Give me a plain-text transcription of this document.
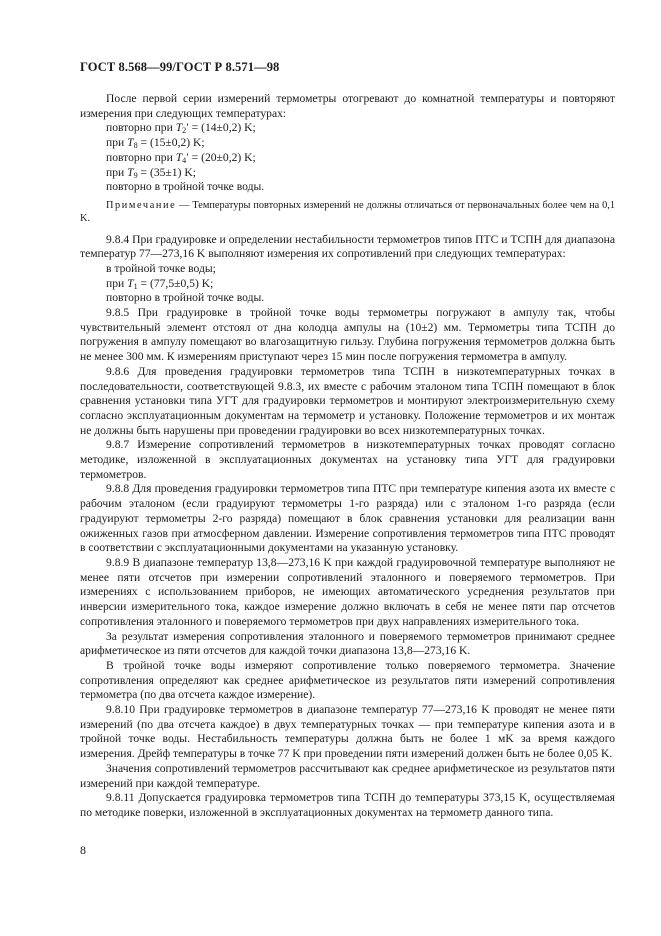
ГОСТ 8.568—99/ГОСТ Р 8.571—98

После первой серии измерений термометры отогревают до комнатной температуры и повторяют измерения при следующих температурах:

повторно при $T_2' = (14\pm 0,2)$ K;

при $T_8 = (15\pm 0,2)$ K;

повторно при $T_4' = (20\pm 0,2)$ K;

при $T_9 = (35\pm 1)$ K;

повторно в тройной точке воды.

Примечание — Температуры повторных измерений не должны отличаться от первоначальных более чем на 0,1 K.

9.8.4 При градуировке и определении нестабильности термометров типов ПТС и ТСПН для диапазона температур 77—273,16 K выполняют измерения их сопротивлений при следующих температурах:

в тройной точке воды;

при $T_1 = (77,5\pm 0,5)$ K;

повторно в тройной точке воды.

9.8.5 При градуировке в тройной точке воды термометры погружают в ампулу так, чтобы чувствительный элемент отстоял от дна колодца ампулы на (10±2) мм. Термометры типа ТСПН до погружения в ампулу помещают во влагозащитную гильзу. Глубина погружения термометров должна быть не менее 300 мм. К измерениям приступают через 15 мин после погружения термометра в ампулу.

9.8.6 Для проведения градуировки термометров типа ТСПН в низкотемпературных точках в последовательности, соответствующей 9.8.3, их вместе с рабочим эталоном типа ТСПН помещают в блок сравнения установки типа УГТ для градуировки термометров и монтируют электроизмерительную схему согласно эксплуатационным документам на термометр и установку. Положение термометров и их монтаж не должны быть нарушены при проведении градуировки во всех низкотемпературных точках.

9.8.7 Измерение сопротивлений термометров в низкотемпературных точках проводят согласно методике, изложенной в эксплуатационных документах на установку типа УГТ для градуировки термометров.

9.8.8 Для проведения градуировки термометров типа ПТС при температуре кипения азота их вместе с рабочим эталоном (если градуируют термометры 1-го разряда) или с эталоном 1-го разряда (если градуируют термометры 2-го разряда) помещают в блок сравнения установки для реализации ванн ожиженных газов при атмосферном давлении. Измерение сопротивления термометров типа ПТС проводят в соответствии с эксплуатационными документами на указанную установку.

9.8.9 В диапазоне температур 13,8—273,16 K при каждой градуировочной температуре выполняют не менее пяти отсчетов при измерении сопротивлений эталонного и поверяемого термометров. При измерениях с использованием приборов, не имеющих автоматического усреднения результатов при инверсии измерительного тока, каждое измерение должно включать в себя не менее пяти пар отсчетов сопротивления эталонного и поверяемого термометров при двух направлениях измерительного тока.

За результат измерения сопротивления эталонного и поверяемого термометров принимают среднее арифметическое из пяти отсчетов для каждой точки диапазона 13,8—273,16 K.

В тройной точке воды измеряют сопротивление только поверяемого термометра. Значение сопротивления определяют как среднее арифметическое из результатов пяти измерений сопротивления термометра (по два отсчета каждое измерение).

9.8.10 При градуировке термометров в диапазоне температур 77—273,16 K проводят не менее пяти измерений (по два отсчета каждое) в двух температурных точках — при температуре кипения азота и в тройной точке воды. Нестабильность температуры должна быть не более 1 мK за время каждого измерения. Дрейф температуры в точке 77 K при проведении пяти измерений должен быть не более 0,05 K.

Значения сопротивлений термометров рассчитывают как среднее арифметическое из результатов пяти измерений при каждой температуре.

9.8.11 Допускается градуировка термометров типа ТСПН до температуры 373,15 K, осуществляемая по методике поверки, изложенной в эксплуатационных документах на термометр данного типа.

8
